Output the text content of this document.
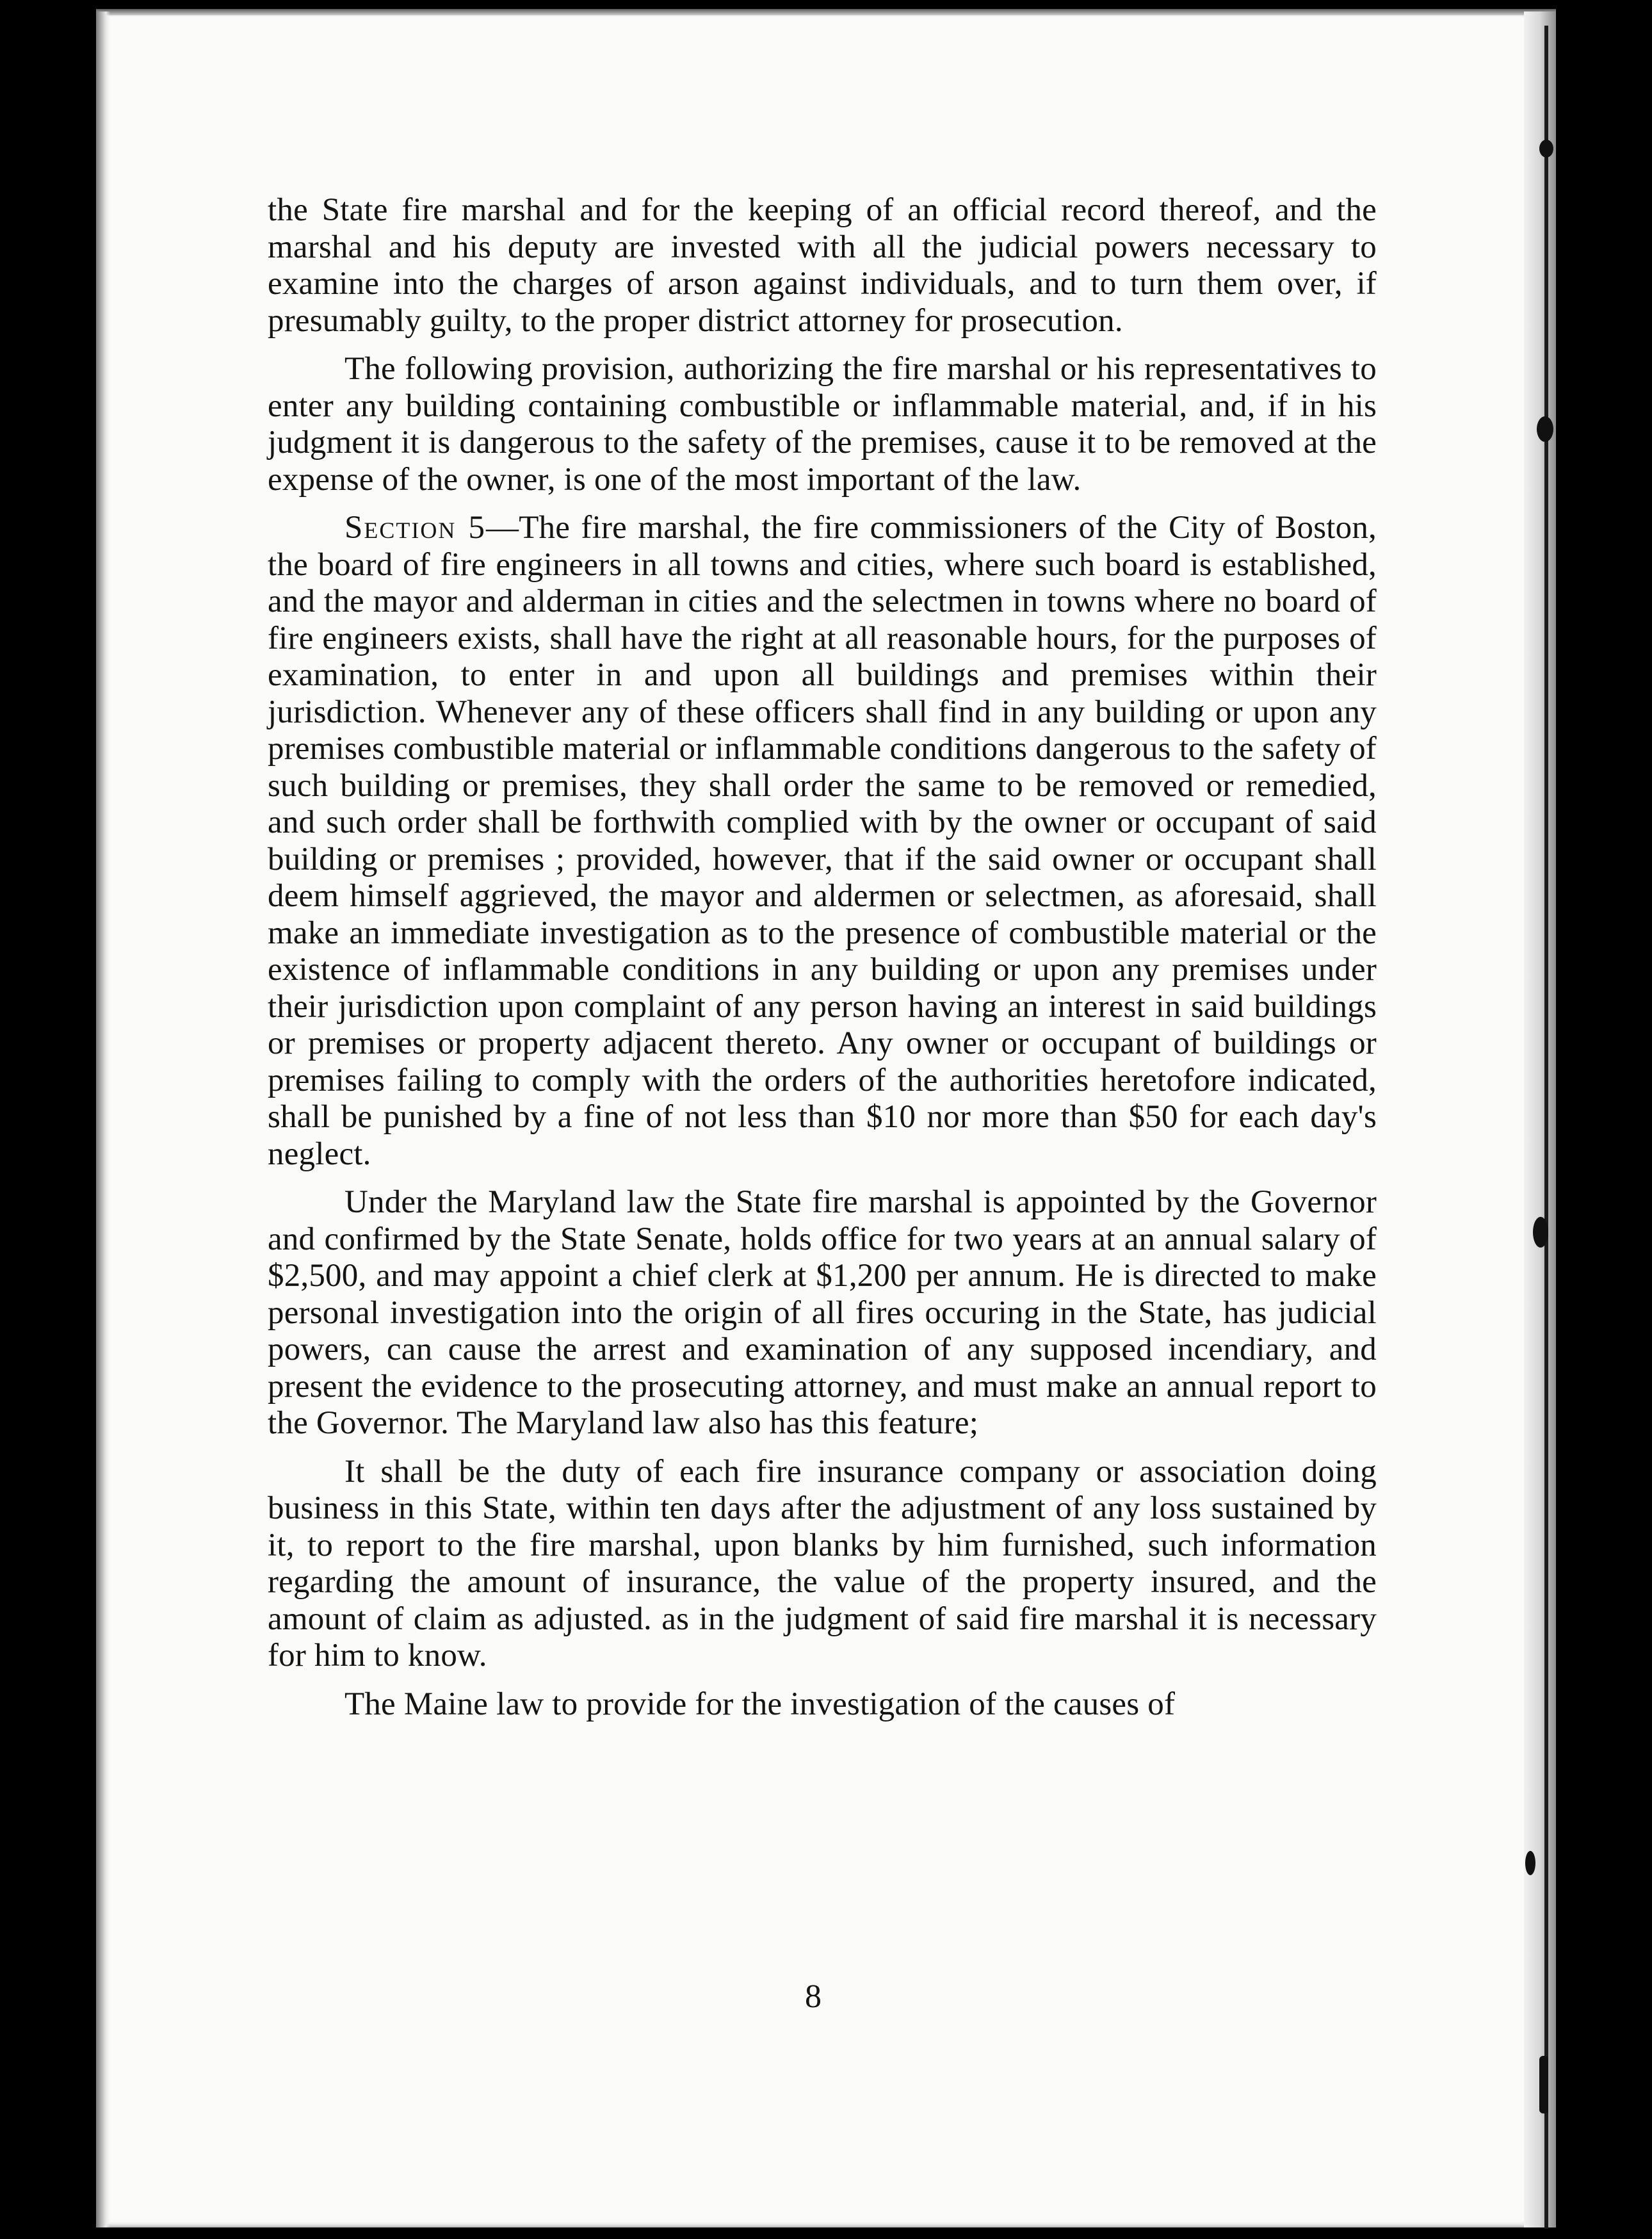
the State fire marshal and for the keeping of an official record thereof, and the marshal and his deputy are invested with all the judicial powers necessary to examine into the charges of arson against individuals, and to turn them over, if presumably guilty, to the proper district attorney for prosecution.

The following provision, authorizing the fire marshal or his representatives to enter any building containing combustible or inflammable material, and, if in his judgment it is dangerous to the safety of the premises, cause it to be removed at the expense of the owner, is one of the most important of the law.

Section 5—The fire marshal, the fire commissioners of the City of Boston, the board of fire engineers in all towns and cities, where such board is established, and the mayor and alderman in cities and the selectmen in towns where no board of fire engineers exists, shall have the right at all reasonable hours, for the purposes of examination, to enter in and upon all buildings and premises within their jurisdiction. Whenever any of these officers shall find in any building or upon any premises combustible material or inflammable conditions dangerous to the safety of such building or premises, they shall order the same to be removed or remedied, and such order shall be forthwith complied with by the owner or occupant of said building or premises ; provided, however, that if the said owner or occupant shall deem himself aggrieved, the mayor and aldermen or selectmen, as aforesaid, shall make an immediate investigation as to the presence of combustible material or the existence of inflammable conditions in any building or upon any premises under their jurisdiction upon complaint of any person having an interest in said buildings or premises or property adjacent thereto. Any owner or occupant of buildings or premises failing to comply with the orders of the authorities heretofore indicated, shall be punished by a fine of not less than $10 nor more than $50 for each day's neglect.

Under the Maryland law the State fire marshal is appointed by the Governor and confirmed by the State Senate, holds office for two years at an annual salary of $2,500, and may appoint a chief clerk at $1,200 per annum. He is directed to make personal investigation into the origin of all fires occuring in the State, has judicial powers, can cause the arrest and examination of any supposed incendiary, and present the evidence to the prosecuting attorney, and must make an annual report to the Governor. The Maryland law also has this feature;

It shall be the duty of each fire insurance company or association doing business in this State, within ten days after the adjustment of any loss sustained by it, to report to the fire marshal, upon blanks by him furnished, such information regarding the amount of insurance, the value of the property insured, and the amount of claim as adjusted. as in the judgment of said fire marshal it is necessary for him to know.

The Maine law to provide for the investigation of the causes of

8
